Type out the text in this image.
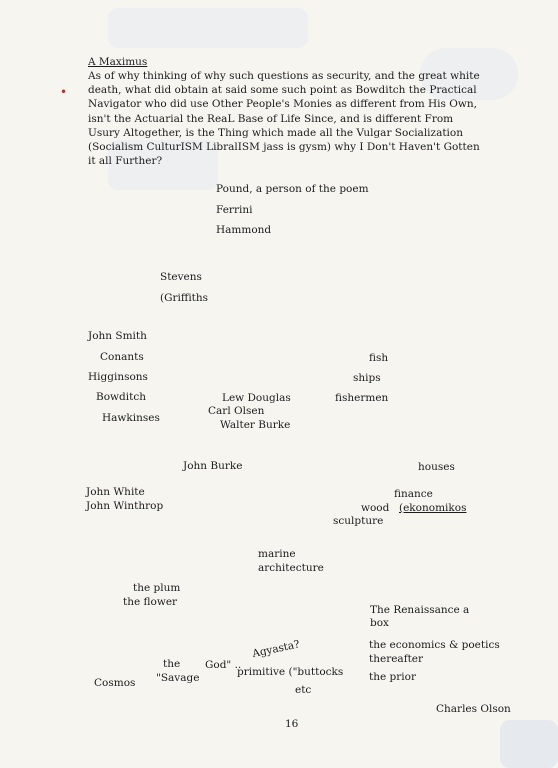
•
A Maximus
As of why thinking of why such questions as security, and the great white
death, what did obtain at said some such point as Bowditch the Practical
Navigator who did use Other People's Monies as different from His Own,
isn't the Actuarial the ReaL Base of Life Since, and is different From
Usury Altogether, is the Thing which made all the Vulgar Socialization
(Socialism CulturISM LibralISM jass is gysm) why I Don't Haven't Gotten
it all Further?
Pound, a person of the poem
Ferrini
Hammond
Stevens
(Griffiths
John Smith
Conants
Higginsons
Bowditch
Hawkinses
Lew Douglas
Carl Olsen
Walter Burke
fish
ships
fishermen
John Burke	houses
John White
John Winthrop
finance
wood (ekonomikos
sculpture
marine
architecture
the plum
the flower
The Renaissance a
box
the economics & poetics
thereafter
the prior
Agyasta?
God" ..
the
"Savage	primitive ("buttocks
etc
Cosmos
Charles Olson
16
